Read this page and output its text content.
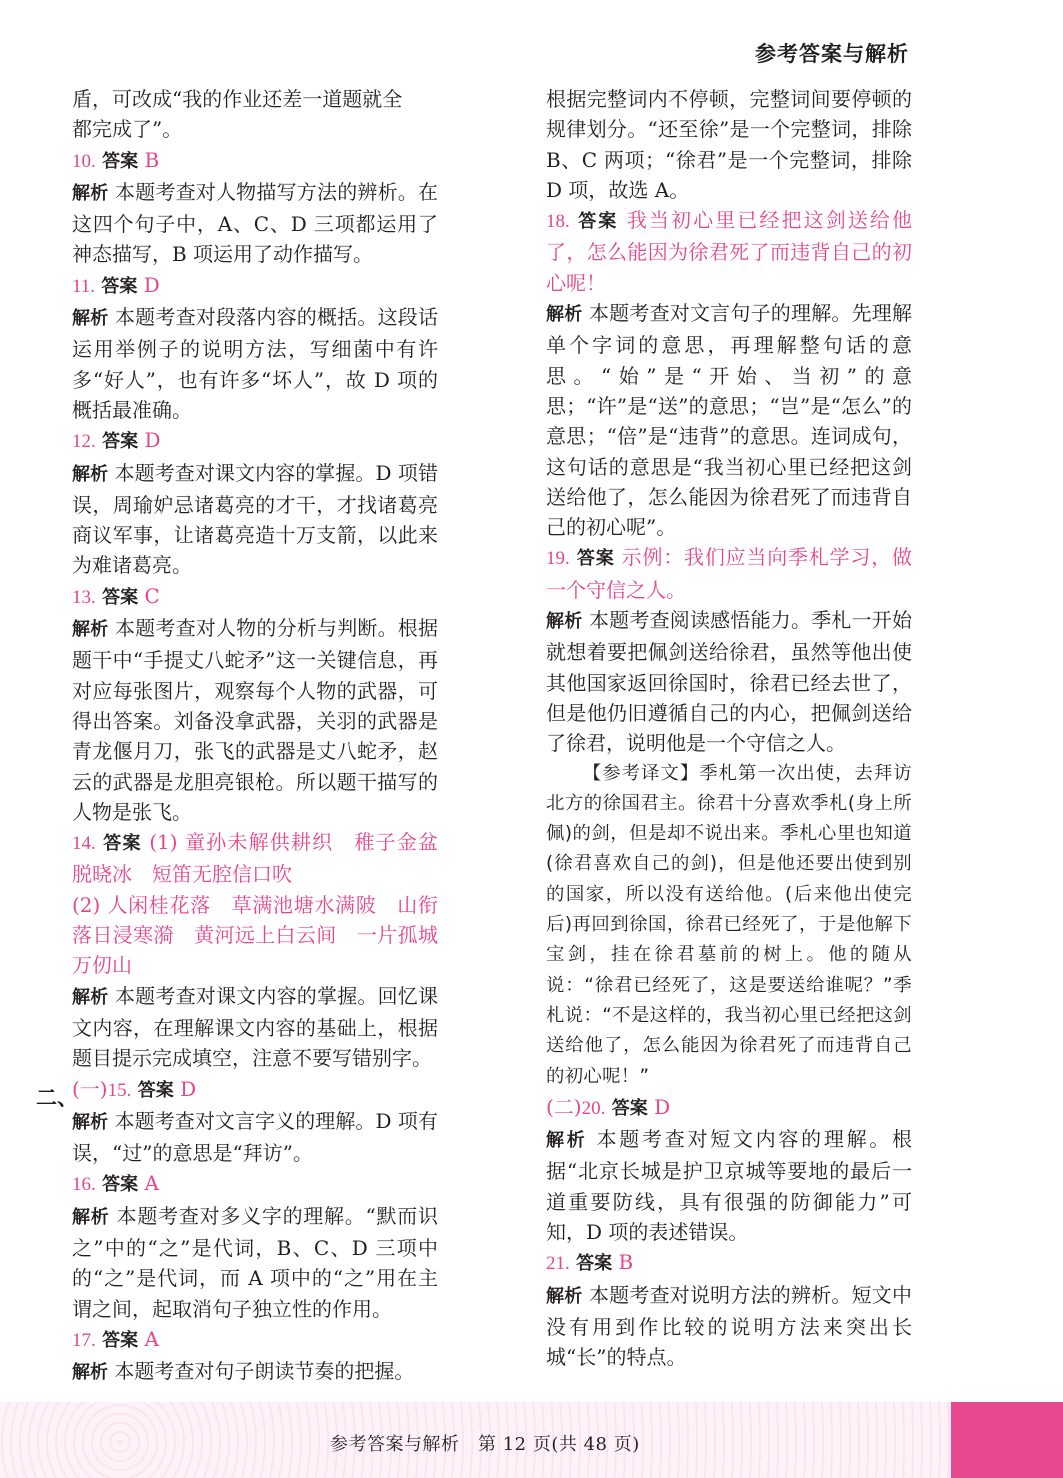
参考答案与解析

盾，可改成“我的作业还差一道题就全
都完成了”。

10. 答案 B

解析 本题考查对人物描写方法的辨析。在这四个句子中，A、C、D 三项都运用了神态描写，B 项运用了动作描写。

11. 答案 D

解析 本题考查对段落内容的概括。这段话运用举例子的说明方法，写细菌中有许多“好人”，也有许多“坏人”，故 D 项的概括最准确。

12. 答案 D

解析 本题考查对课文内容的掌握。D 项错误，周瑜妒忌诸葛亮的才干，才找诸葛亮商议军事，让诸葛亮造十万支箭，以此来为难诸葛亮。

13. 答案 C

解析 本题考查对人物的分析与判断。根据题干中“手提丈八蛇矛”这一关键信息，再对应每张图片，观察每个人物的武器，可得出答案。刘备没拿武器，关羽的武器是青龙偃月刀，张飞的武器是丈八蛇矛，赵云的武器是龙胆亮银枪。所以题干描写的人物是张飞。

14. 答案 (1) 童孙未解供耕织　稚子金盆脱晓冰　短笛无腔信口吹

(2) 人闲桂花落　草满池塘水满陂　山衔落日浸寒漪　黄河远上白云间　一片孤城万仞山

解析 本题考查对课文内容的掌握。回忆课文内容，在理解课文内容的基础上，根据题目提示完成填空，注意不要写错别字。

(一)15. 答案 D

解析 本题考查对文言字义的理解。D 项有误，“过”的意思是“拜访”。

16. 答案 A

解析 本题考查对多义字的理解。“默而识之”中的“之”是代词，B、C、D 三项中的“之”是代词，而 A 项中的“之”用在主谓之间，起取消句子独立性的作用。

17. 答案 A

解析 本题考查对句子朗读节奏的把握。

二、

根据完整词内不停顿，完整词间要停顿的规律划分。“还至徐”是一个完整词，排除 B、C 两项；“徐君”是一个完整词，排除 D 项，故选 A。

18. 答案 我当初心里已经把这剑送给他了，怎么能因为徐君死了而违背自己的初心呢！

解析 本题考查对文言句子的理解。先理解单个字词的意思，再理解整句话的意思。“始”是“开始、当初”的意思；“许”是“送”的意思；“岂”是“怎么”的意思；“倍”是“违背”的意思。连词成句，这句话的意思是“我当初心里已经把这剑送给他了，怎么能因为徐君死了而违背自己的初心呢”。

19. 答案 示例：我们应当向季札学习，做一个守信之人。

解析 本题考查阅读感悟能力。季札一开始就想着要把佩剑送给徐君，虽然等他出使其他国家返回徐国时，徐君已经去世了，但是他仍旧遵循自己的内心，把佩剑送给了徐君，说明他是一个守信之人。

【参考译文】季札第一次出使，去拜访北方的徐国君主。徐君十分喜欢季札(身上所佩)的剑，但是却不说出来。季札心里也知道(徐君喜欢自己的剑)，但是他还要出使到别的国家，所以没有送给他。(后来他出使完后)再回到徐国，徐君已经死了，于是他解下宝剑，挂在徐君墓前的树上。他的随从说：“徐君已经死了，这是要送给谁呢？”季札说：“不是这样的，我当初心里已经把这剑送给他了，怎么能因为徐君死了而违背自己的初心呢！”

(二)20. 答案 D

解析 本题考查对短文内容的理解。根据“北京长城是护卫京城等要地的最后一道重要防线，具有很强的防御能力”可知，D 项的表述错误。

21. 答案 B

解析 本题考查对说明方法的辨析。短文中没有用到作比较的说明方法来突出长城“长”的特点。

参考答案与解析　第 12 页(共 48 页)
